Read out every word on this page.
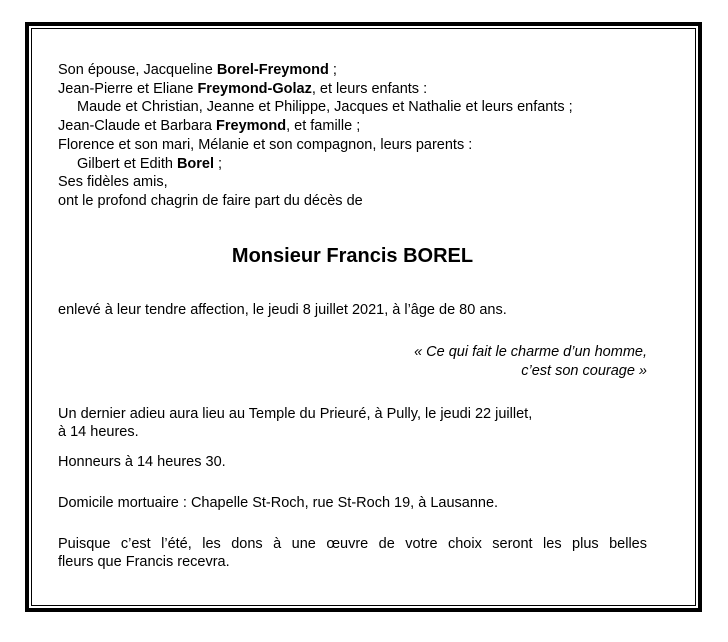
Son épouse, Jacqueline Borel-Freymond ;
Jean-Pierre et Eliane Freymond-Golaz, et leurs enfants :
Maude et Christian, Jeanne et Philippe, Jacques et Nathalie et leurs enfants ;
Jean-Claude et Barbara Freymond, et famille ;
Florence et son mari, Mélanie et son compagnon, leurs parents :
Gilbert et Edith Borel ;
Ses fidèles amis,
ont le profond chagrin de faire part du décès de
Monsieur Francis BOREL
enlevé à leur tendre affection, le jeudi 8 juillet 2021, à l’âge de 80 ans.
« Ce qui fait le charme d’un homme,
c’est son courage »
Un dernier adieu aura lieu au Temple du Prieuré, à Pully, le jeudi 22 juillet,
à 14 heures.
Honneurs à 14 heures 30.
Domicile mortuaire : Chapelle St-Roch, rue St-Roch 19, à Lausanne.
Puisque c’est l’été, les dons à une œuvre de votre choix seront les plus belles
fleurs que Francis recevra.
